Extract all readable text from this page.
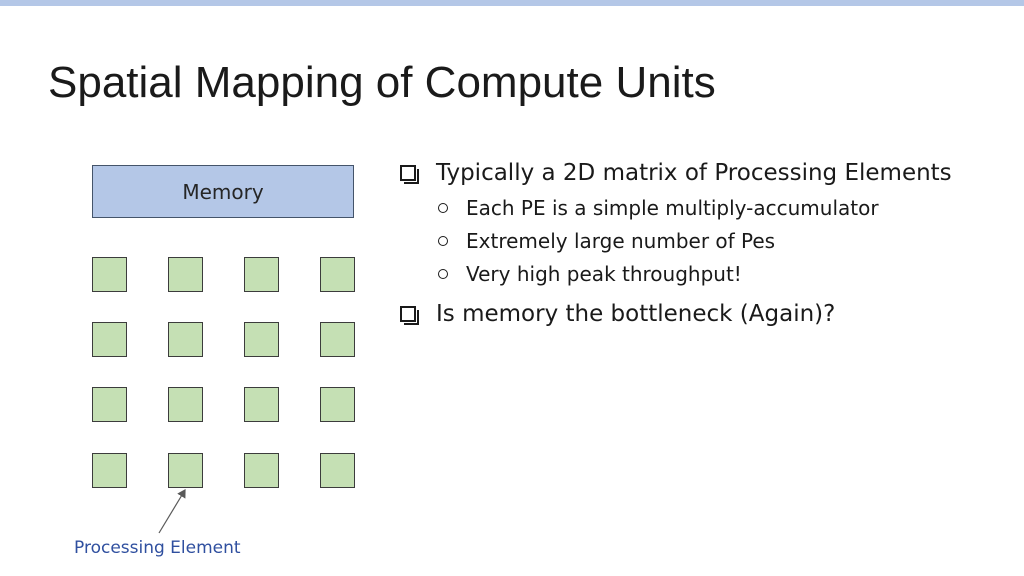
Spatial Mapping of Compute Units
Memory
Processing Element
Typically a 2D matrix of Processing Elements
Each PE is a simple multiply-accumulator
Extremely large number of Pes
Very high peak throughput!
Is memory the bottleneck (Again)?
